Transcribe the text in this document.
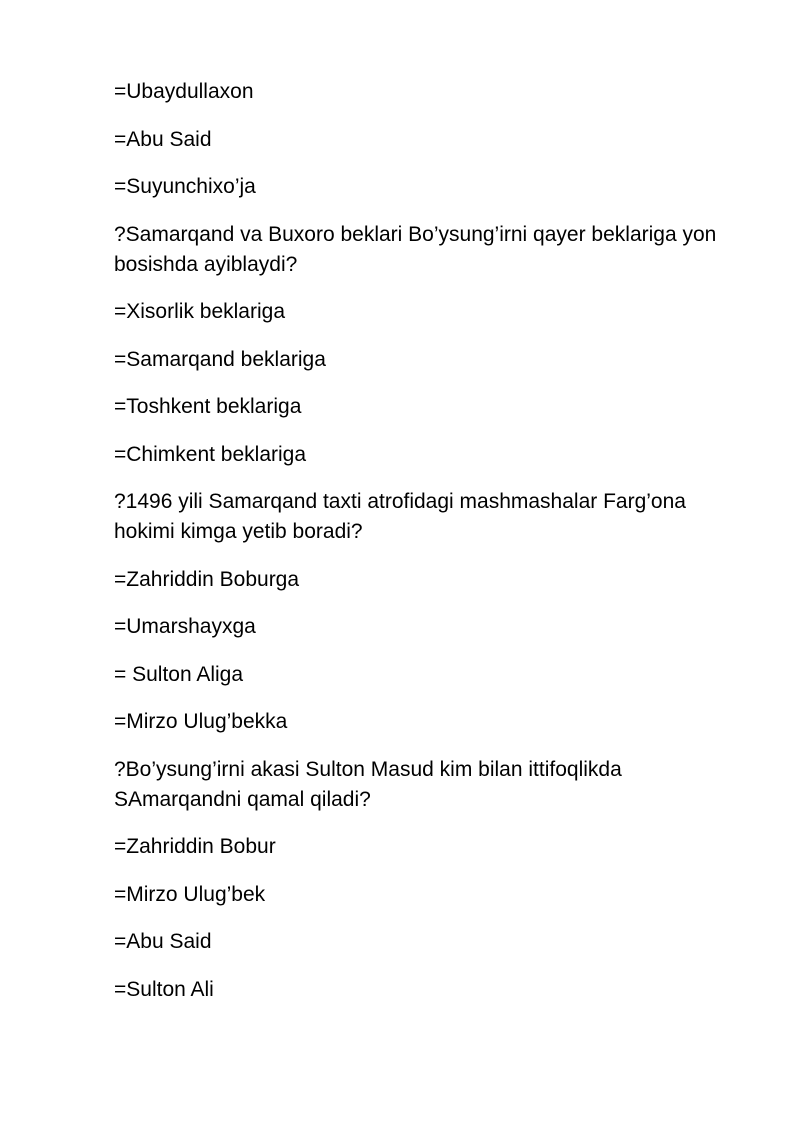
=Ubaydullaxon

=Abu Said

=Suyunchixo’ja

?Samarqand va Buxoro beklari Bo’ysung’irni qayer beklariga yon bosishda ayiblaydi?

=Xisorlik beklariga

=Samarqand beklariga

=Toshkent beklariga

=Chimkent beklariga

?1496 yili Samarqand taxti atrofidagi mashmashalar Farg’ona hokimi kimga yetib boradi?

=Zahriddin Boburga

=Umarshayxga

= Sulton Aliga

=Mirzo Ulug’bekka

?Bo’ysung’irni akasi Sulton Masud kim bilan ittifoqlikda SAmarqandni qamal qiladi?

=Zahriddin Bobur

=Mirzo Ulug’bek

=Abu Said

=Sulton Ali
